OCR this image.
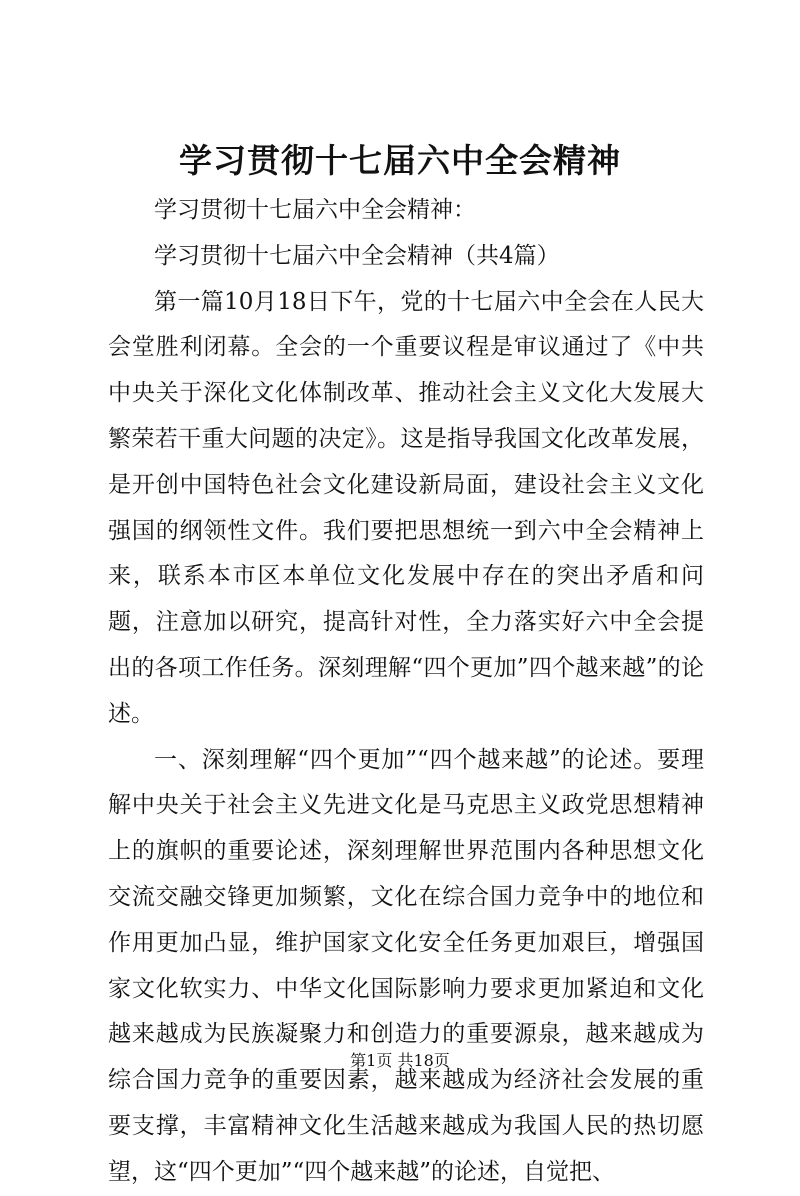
学习贯彻十七届六中全会精神

学习贯彻十七届六中全会精神：

学习贯彻十七届六中全会精神（共4篇）

第一篇10月18日下午，党的十七届六中全会在人民大会堂胜利闭幕。全会的一个重要议程是审议通过了《中共中央关于深化文化体制改革、推动社会主义文化大发展大繁荣若干重大问题的决定》。这是指导我国文化改革发展，是开创中国特色社会文化建设新局面，建设社会主义文化强国的纲领性文件。我们要把思想统一到六中全会精神上来，联系本市区本单位文化发展中存在的突出矛盾和问题，注意加以研究，提高针对性，全力落实好六中全会提出的各项工作任务。深刻理解“四个更加”四个越来越”的论述。

一、深刻理解“四个更加”“四个越来越”的论述。要理解中央关于社会主义先进文化是马克思主义政党思想精神上的旗帜的重要论述，深刻理解世界范围内各种思想文化交流交融交锋更加频繁，文化在综合国力竞争中的地位和作用更加凸显，维护国家文化安全任务更加艰巨，增强国家文化软实力、中华文化国际影响力要求更加紧迫和文化越来越成为民族凝聚力和创造力的重要源泉，越来越成为综合国力竞争的重要因素，越来越成为经济社会发展的重要支撑，丰富精神文化生活越来越成为我国人民的热切愿望，这“四个更加”“四个越来越”的论述，自觉把、

第1页 共18页
